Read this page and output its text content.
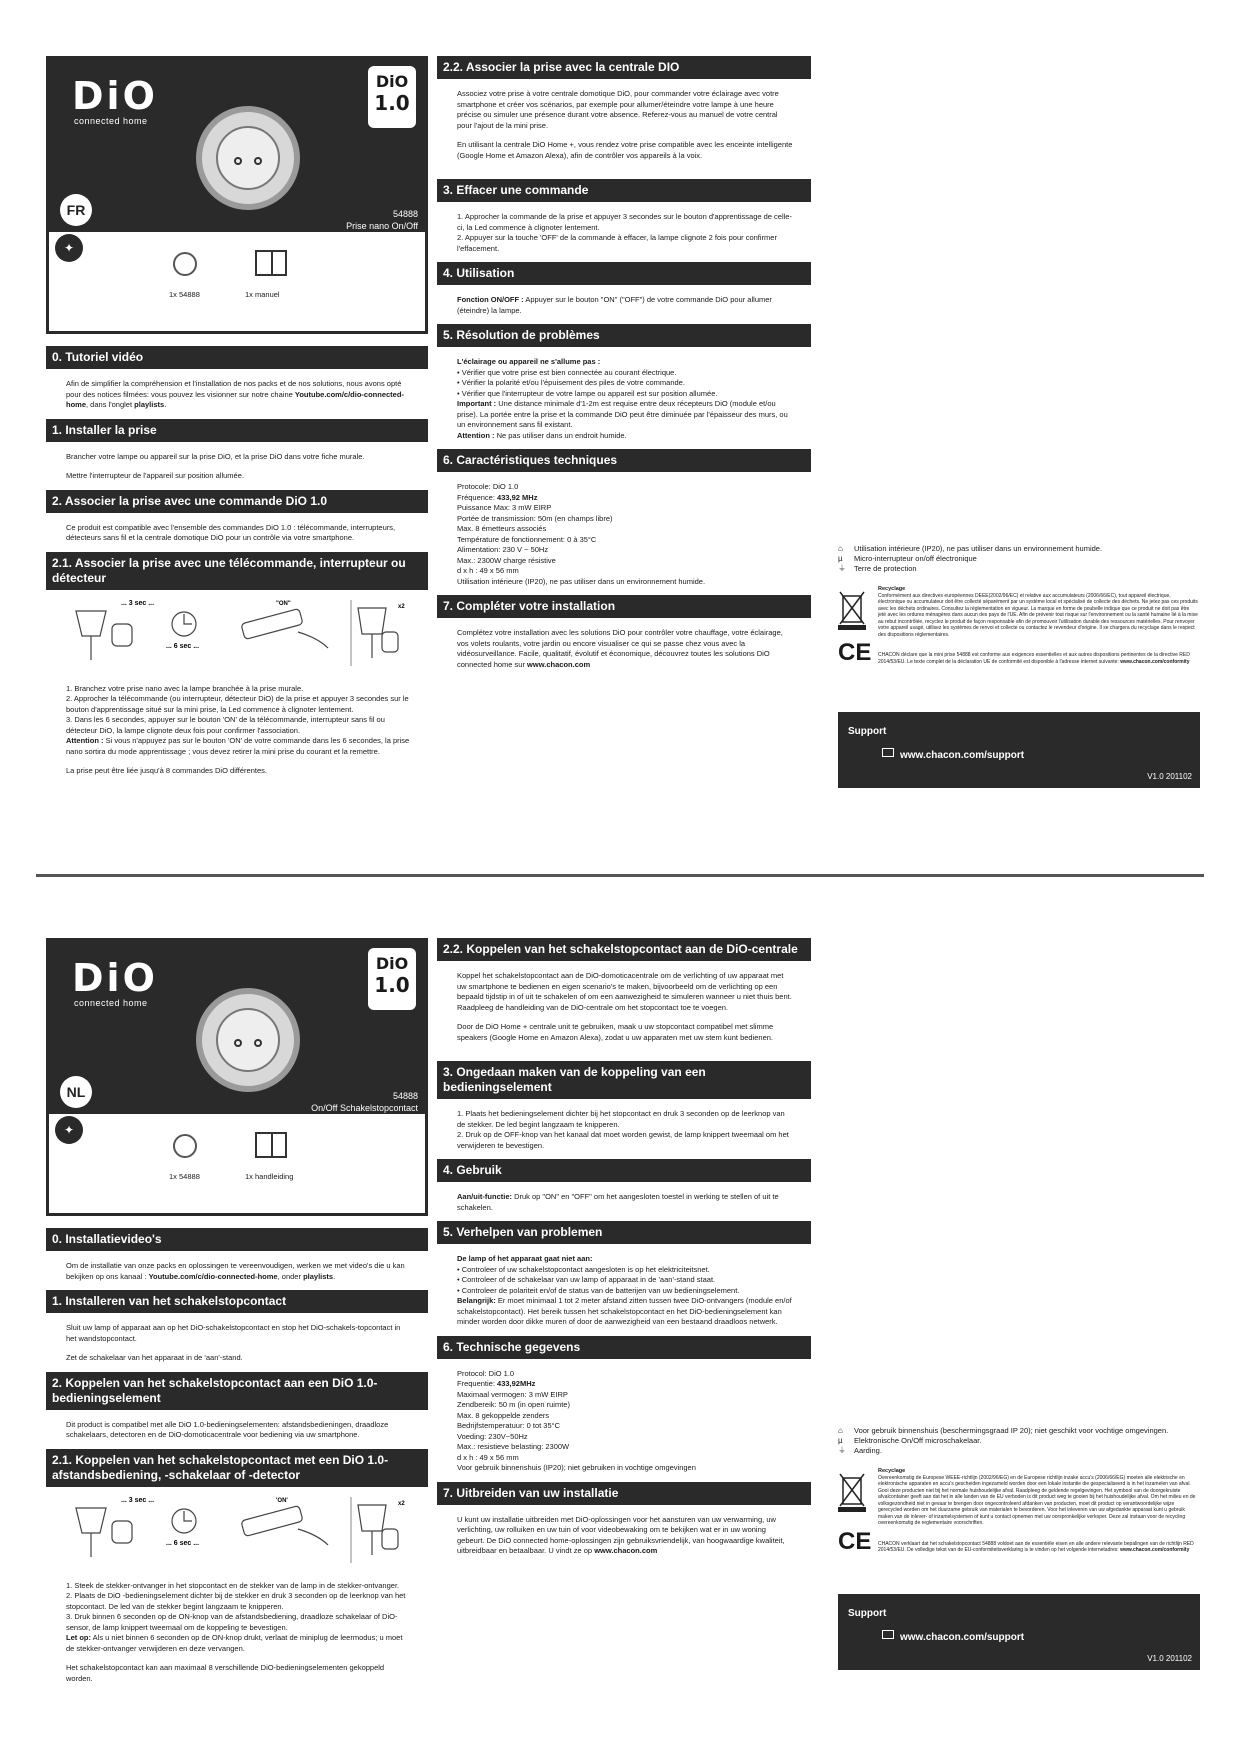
DiO
connected home
DiO
1.0
FR	54888
Prise nano On/Off
✦
1x 54888	1x manuel
0. Tutoriel vidéo

Afin de simplifier la compréhension et l'installation de nos packs et de nos solutions, nous avons opté pour des notices filmées: vous pouvez les visionner sur notre chaine Youtube.com/c/dio-connected-home, dans l'onglet playlists.

1. Installer la prise

Brancher votre lampe ou appareil sur la prise DiO, et la prise DiO dans votre fiche murale.

Mettre l'interrupteur de l'appareil sur position allumée.

2. Associer la prise avec une commande DiO 1.0

Ce produit est compatible avec l'ensemble des commandes DiO 1.0 : télécommande, interrupteurs, détecteurs sans fil et la centrale domotique DiO pour un contrôle via votre smartphone.

2.1. Associer la prise avec une télécommande, interrupteur ou détecteur
... 3 sec ...
... 6 sec ...
"ON"	x2
1. Branchez votre prise nano avec la lampe branchée à la prise murale.
2. Approcher la télécommande (ou interrupteur, détecteur DiO) de la prise et appuyer 3 secondes sur le bouton d'apprentissage situé sur la mini prise, la Led commence à clignoter lentement.
3. Dans les 6 secondes, appuyer sur le bouton 'ON' de la télécommande, interrupteur sans fil ou détecteur DiO, la lampe clignote deux fois pour confirmer l'association.

Attention : Si vous n'appuyez pas sur le bouton 'ON' de votre commande dans les 6 secondes, la prise nano sortira du mode apprentissage ; vous devez retirer la mini prise du courant et la remettre.

La prise peut être liée jusqu'à 8 commandes DiO différentes.

2.2. Associer la prise avec la centrale DIO

Associez votre prise à votre centrale domotique DiO, pour commander votre éclairage avec votre smartphone et créer vos scénarios, par exemple pour allumer/éteindre votre lampe à une heure précise ou simuler une présence durant votre absence. Referez-vous au manuel de votre central pour l'ajout de la mini prise.

En utilisant la centrale DiO Home +, vous rendez votre prise compatible avec les enceinte intelligente (Google Home et Amazon Alexa), afin de contrôler vos appareils à la voix.

3. Effacer une commande
1. Approcher la commande de la prise et appuyer 3 secondes sur le bouton d'apprentissage de celle-ci, la Led commence à clignoter lentement.
2. Appuyer sur la touche 'OFF' de la commande à effacer, la lampe clignote 2 fois pour confirmer l'effacement.
4. Utilisation

Fonction ON/OFF : Appuyer sur le bouton "ON" ("OFF") de votre commande DiO pour allumer (éteindre) la lampe.

5. Résolution de problèmes
L'éclairage ou appareil ne s'allume pas :
• Vérifier que votre prise est bien connectée au courant électrique.
• Vérifier la polarité et/ou l'épuisement des piles de votre commande.
• Vérifier que l'interrupteur de votre lampe ou appareil est sur position allumée.

Important : Une distance minimale d'1-2m est requise entre deux récepteurs DiO (module et/ou prise). La portée entre la prise et la commande DiO peut être diminuée par l'épaisseur des murs, ou un environnement sans fil existant.

Attention : Ne pas utiliser dans un endroit humide.
6. Caractéristiques techniques
Protocole: DiO 1.0
Fréquence: 433,92 MHz
Puissance Max: 3 mW EIRP
Portée de transmission: 50m (en champs libre)
Max. 8 émetteurs associés
Température de fonctionnement: 0 à 35°C
Alimentation: 230 V ~ 50Hz
Max.: 2300W charge résistive
d x h : 49 x 56 mm

Utilisation intérieure (IP20), ne pas utiliser dans un environnement humide.

7. Compléter votre installation

Complétez votre installation avec les solutions DiO pour contrôler votre chauffage, votre éclairage, vos volets roulants, votre jardin ou encore visualiser ce qui se passe chez vous avec la vidéosurveillance. Facile, qualitatif, évolutif et économique, découvrez toutes les solutions DiO connected home sur www.chacon.com

⌂ Utilisation intérieure (IP20), ne pas utiliser dans un environnement humide.
µ Micro-interrupteur on/off électronique
⏚ Terre de protection
Recyclage
Conformément aux directives européennes DEEE(2002/96/EC) et relative aux accumulateurs (2006/66/EC), tout appareil électrique, électronique ou accumulateur doit être collecté séparément par un système local et spécialisé de collecte des déchets. Ne jetez pas ces produits avec les déchets ordinaires. Consultez la réglementation en vigueur. La marque en forme de poubelle indique que ce produit ne doit pas être jeté avec les ordures ménagères dans aucun des pays de l'UE. Afin de prévenir tout risque sur l'environnement ou la santé humaine lié à la mise au rebut incontrôlée, recyclez le produit de façon responsable afin de promouvoir l'utilisation durable des ressources matérielles. Pour renvoyer votre appareil usagé, utilisez les systèmes de renvoi et collecte ou contactez le revendeur d'origine. Il se chargera du recyclage dans le respect des dispositions réglementaires.
CE CHACON déclare que la mini prise 54888 est conforme aux exigences essentielles et aux autres dispositions pertinentes de la directive RED 2014/53/EU. Le texte complet de la déclaration UE de conformité est disponible à l'adresse internet suivante: www.chacon.com/conformity
Support
www.chacon.com/support
V1.0 201102
DiO
connected home
DiO
1.0
NL	54888
On/Off Schakelstopcontact
✦
1x 54888	1x handleiding
0. Installatievideo's

Om de installatie van onze packs en oplossingen te vereenvoudigen, werken we met video's die u kan bekijken op ons kanaal : Youtube.com/c/dio-connected-home, onder playlists.

1. Installeren van het schakelstopcontact

Sluit uw lamp of apparaat aan op het DiO-schakelstopcontact en stop het DiO-schakels-topcontact in het wandstopcontact.

Zet de schakelaar van het apparaat in de 'aan'-stand.

2. Koppelen van het schakelstopcontact aan een DiO 1.0-bedieningselement

Dit product is compatibel met alle DiO 1.0-bedieningselementen: afstandsbedieningen, draadloze schakelaars, detectoren en de DiO-domoticacentrale voor bediening via uw smartphone.

2.1. Koppelen van het schakelstopcontact met een DiO 1.0-afstandsbediening, -schakelaar of -detector
... 3 sec ...
... 6 sec ...
'ON'	x2
1. Steek de stekker-ontvanger in het stopcontact en de stekker van de lamp in de stekker-ontvanger.
2. Plaats de DiO -bedieningselement dichter bij de stekker en druk 3 seconden op de leerknop van het stopcontact. De led van de stekker begint langzaam te knipperen.
3. Druk binnen 6 seconden op de ON-knop van de afstandsbediening, draadloze schakelaar of DiO-sensor, de lamp knippert tweemaal om de koppeling te bevestigen.

Let op: Als u niet binnen 6 seconden op de ON-knop drukt, verlaat de miniplug de leermodus; u moet de stekker-ontvanger verwijderen en deze vervangen.

Het schakelstopcontact kan aan maximaal 8 verschillende DiO-bedieningselementen gekoppeld worden.

2.2. Koppelen van het schakelstopcontact aan de DiO-centrale

Koppel het schakelstopcontact aan de DiO-domoticacentrale om de verlichting of uw apparaat met uw smartphone te bedienen en eigen scenario's te maken, bijvoorbeeld om de verlichting op een bepaald tijdstip in of uit te schakelen of om een aanwezigheid te simuleren wanneer u niet thuis bent. Raadpleeg de handleiding van de DiO-centrale om het stopcontact toe te voegen.

Door de DiO Home + centrale unit te gebruiken, maak u uw stopcontact compatibel met slimme speakers (Google Home en Amazon Alexa), zodat u uw apparaten met uw stem kunt bedienen.

3. Ongedaan maken van de koppeling van een bedieningselement
1. Plaats het bedieningselement dichter bij het stopcontact en druk 3 seconden op de leerknop van de stekker. De led begint langzaam te knipperen.
2. Druk op de OFF-knop van het kanaal dat moet worden gewist, de lamp knippert tweemaal om het verwijderen te bevestigen.
4. Gebruik

Aan/uit-functie: Druk op "ON" en "OFF" om het aangesloten toestel in werking te stellen of uit te schakelen.

5. Verhelpen van problemen
De lamp of het apparaat gaat niet aan:
• Controleer of uw schakelstopcontact aangesloten is op het elektriciteitsnet.
• Controleer of de schakelaar van uw lamp of apparaat in de 'aan'-stand staat.
• Controleer de polariteit en/of de status van de batterijen van uw bedieningselement.

Belangrijk: Er moet minimaal 1 tot 2 meter afstand zitten tussen twee DiO-ontvangers (module en/of schakelstopcontact). Het bereik tussen het schakelstopcontact en het DiO-bedieningselement kan minder worden door dikke muren of door de aanwezigheid van een bestaand draadloos netwerk.

6. Technische gegevens
Protocol: DiO 1.0
Frequentie: 433,92MHz
Maximaal vermogen: 3 mW EIRP
Zendbereik: 50 m (in open ruimte)
Max. 8 gekoppelde zenders
Bedrijfstemperatuur: 0 tot 35°C
Voeding: 230V~50Hz
Max.: resistieve belasting: 2300W
d x h : 49 x 56 mm

Voor gebruik binnenshuis (IP20); niet gebruiken in vochtige omgevingen

7. Uitbreiden van uw installatie

U kunt uw installatie uitbreiden met DiO-oplossingen voor het aansturen van uw verwarming, uw verlichting, uw rolluiken en uw tuin of voor videobewaking om te bekijken wat er in uw woning gebeurt. De DiO connected home-oplossingen zijn gebruiksvriendelijk, van hoogwaardige kwaliteit, uitbreidbaar en betaalbaar. U vindt ze op www.chacon.com

⌂ Voor gebruik binnenshuis (beschermingsgraad IP 20); niet geschikt voor vochtige omgevingen.
µ Elektronische On/Off microschakelaar.
⏚ Aarding.
Recyclage
Overeenkomstig de Europese WEEE-richtlijn (2002/96/EG) en de Europese richtlijn inzake accu's (2006/66/EG) moeten alle elektrische en elektronische apparaten en accu's gescheiden ingezameld worden door een lokale instantie die gespecialiseerd is in het inzamelen van afval. Gooi deze producten niet bij het normale huishoudelijke afval. Raadpleeg de geldende regelgevingen. Het symbool van de doorgekruiste afvalcontainer geeft aan dat het in alle landen van de EU verboden is dit product weg te gooien bij het huishoudelijke afval. Om het milieu en de volksgezondheid niet in gevaar te brengen door ongecontroleerd afdanken van producten, moet dit product op verantwoordelijke wijze gerecycled worden om het duurzame gebruik van materialen te bevorderen. Voor het inleveren van uw afgedankte apparaat kunt u gebruik maken van de inlever- of inzamelsystemen of kunt u contact opnemen met uw oorspronkelijke verkoper. Deze zal instaan voor de recycling overeenkomstig de reglementaire voorschriften.
CE CHACON verklaart dat het schakelstopcontact 54888 voldoet aan de essentiële eisen en alle andere relevante bepalingen van de richtlijn RED 2014/53/EU. De volledige tekst van de EU-conformiteitsverklaring is te vinden op het volgende internetadres: www.chacon.com/conformity
Support
www.chacon.com/support
V1.0 201102
